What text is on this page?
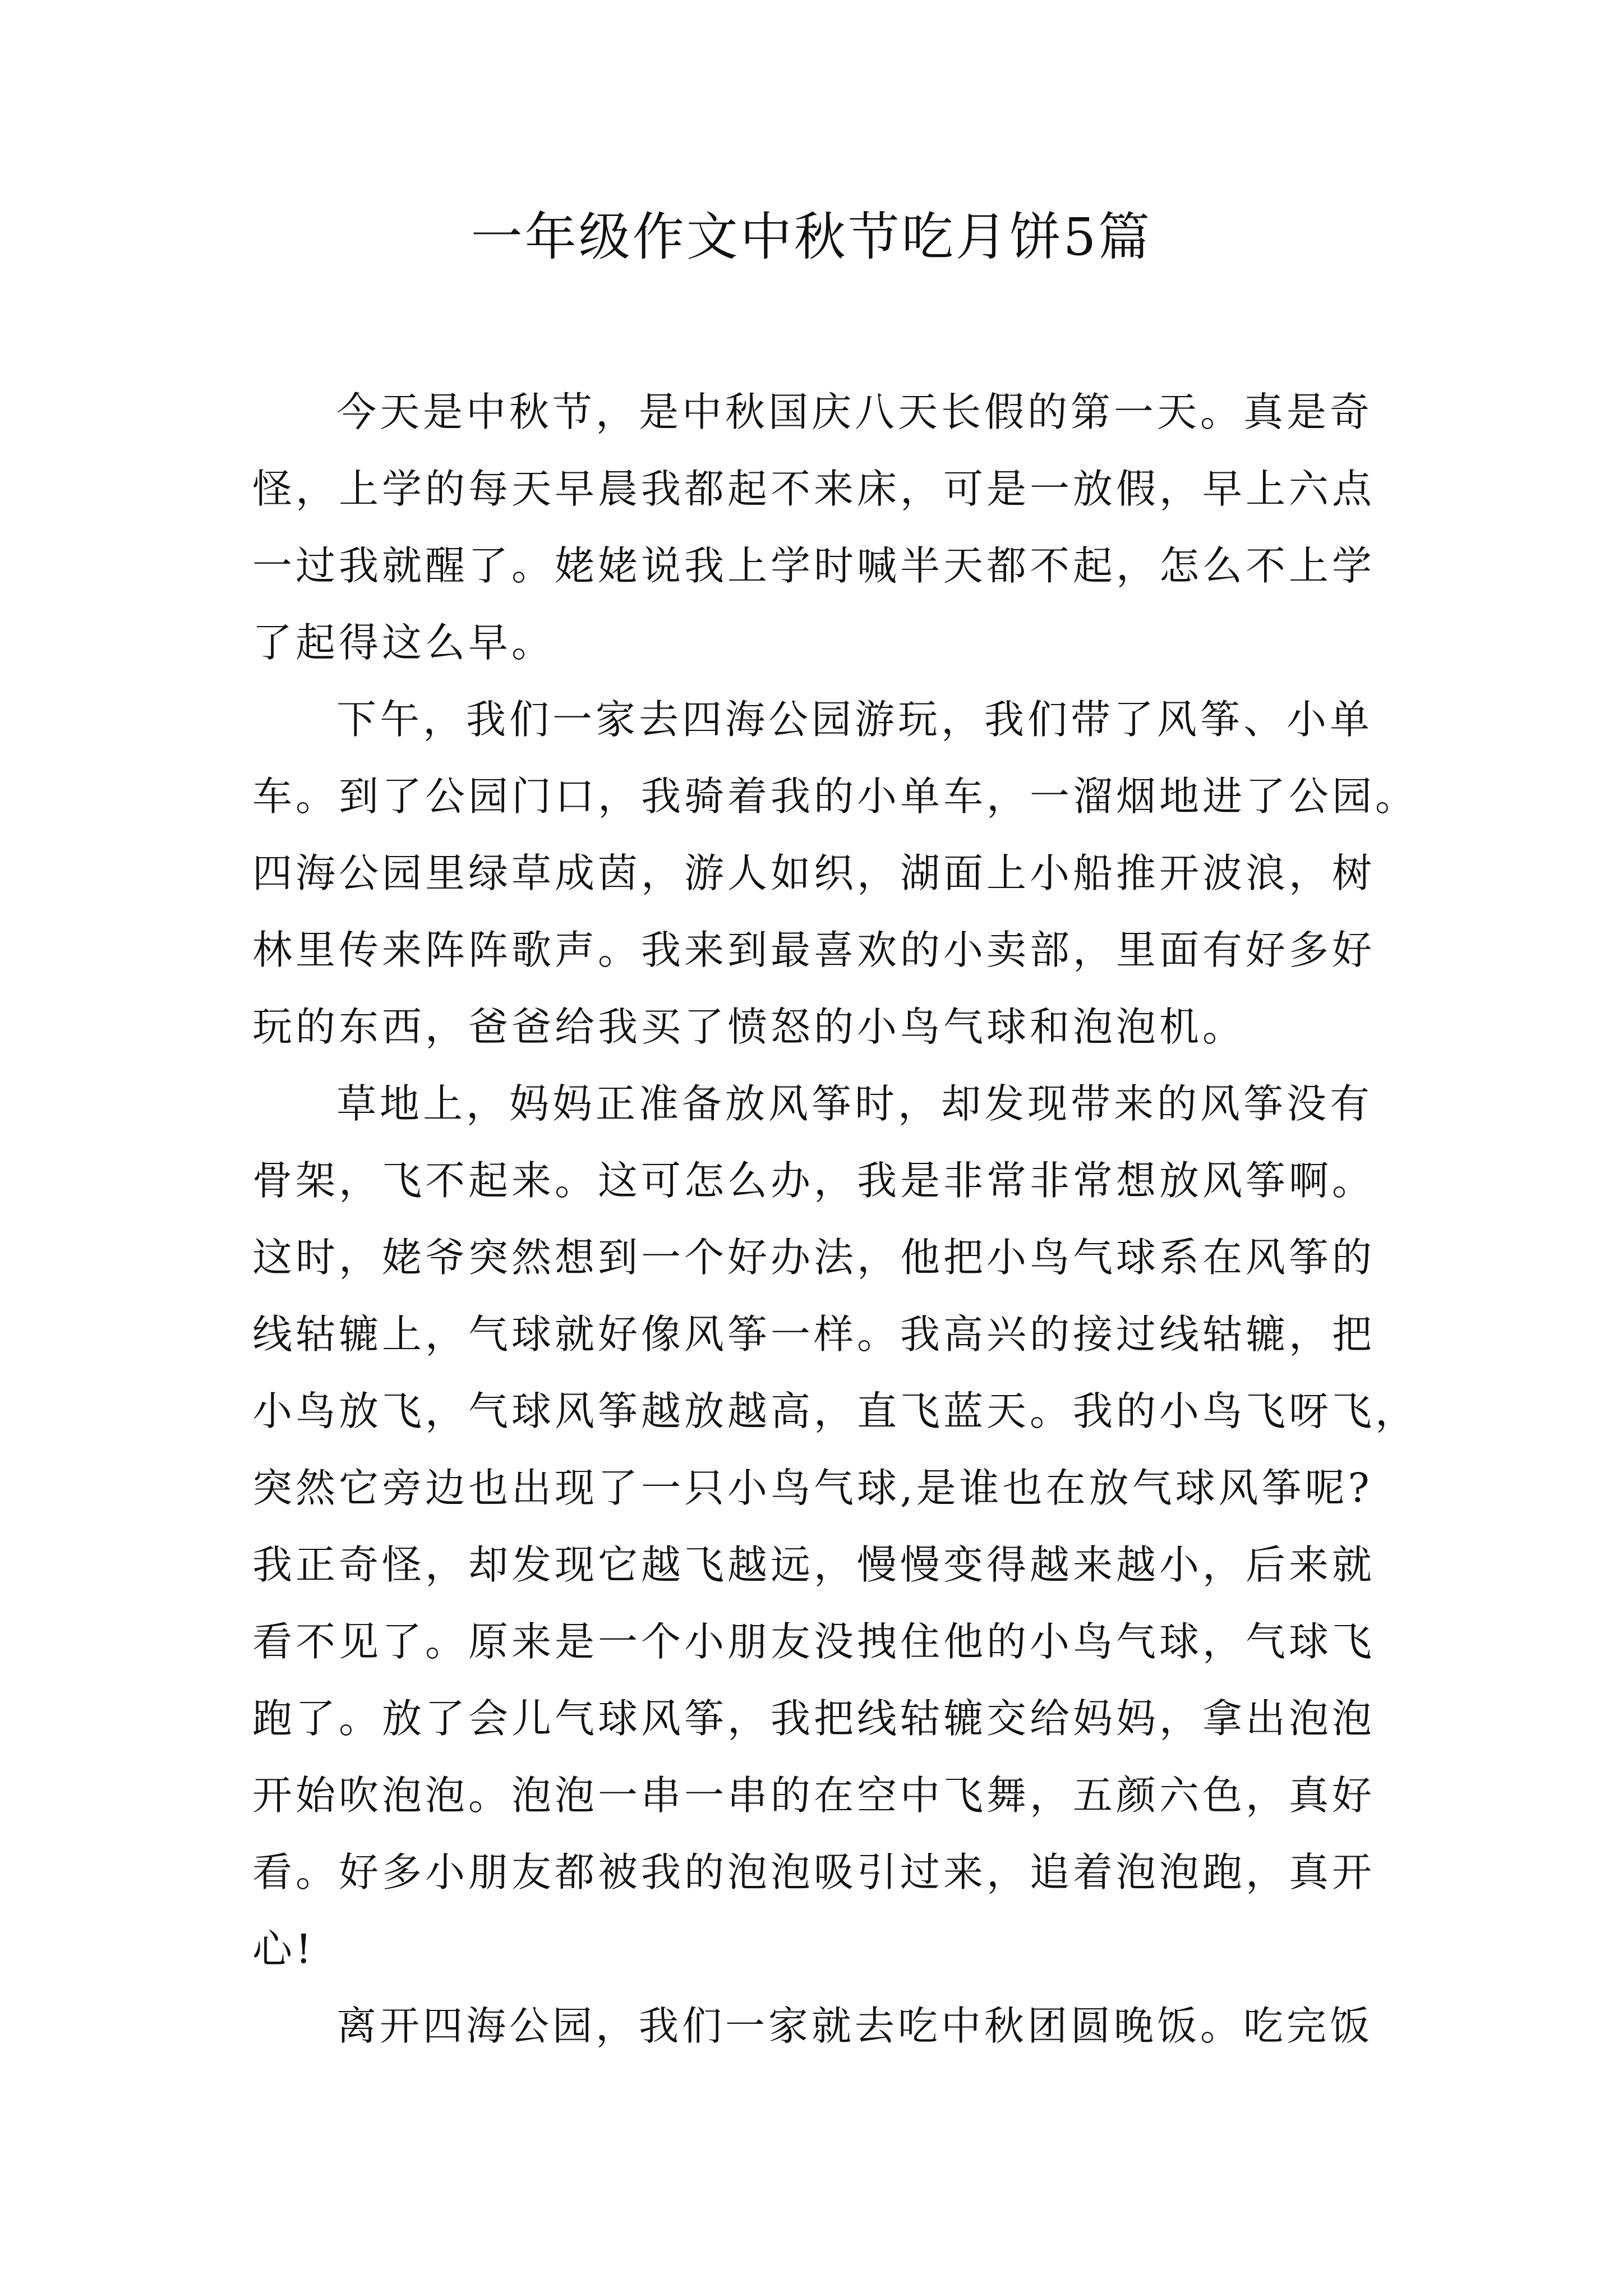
一年级作文中秋节吃月饼5篇
今天是中秋节，是中秋国庆八天长假的第一天。真是奇
怪，上学的每天早晨我都起不来床，可是一放假，早上六点
一过我就醒了。姥姥说我上学时喊半天都不起，怎么不上学
了起得这么早。
下午，我们一家去四海公园游玩，我们带了风筝、小单
车。到了公园门口，我骑着我的小单车，一溜烟地进了公园。
四海公园里绿草成茵，游人如织，湖面上小船推开波浪，树
林里传来阵阵歌声。我来到最喜欢的小卖部，里面有好多好
玩的东西，爸爸给我买了愤怒的小鸟气球和泡泡机。
草地上，妈妈正准备放风筝时，却发现带来的风筝没有
骨架，飞不起来。这可怎么办，我是非常非常想放风筝啊。
这时，姥爷突然想到一个好办法，他把小鸟气球系在风筝的
线轱辘上，气球就好像风筝一样。我高兴的接过线轱辘，把
小鸟放飞，气球风筝越放越高，直飞蓝天。我的小鸟飞呀飞，
突然它旁边也出现了一只小鸟气球,是谁也在放气球风筝呢?
我正奇怪，却发现它越飞越远，慢慢变得越来越小，后来就
看不见了。原来是一个小朋友没拽住他的小鸟气球，气球飞
跑了。放了会儿气球风筝，我把线轱辘交给妈妈，拿出泡泡
开始吹泡泡。泡泡一串一串的在空中飞舞，五颜六色，真好
看。好多小朋友都被我的泡泡吸引过来，追着泡泡跑，真开
心!
离开四海公园，我们一家就去吃中秋团圆晚饭。吃完饭
